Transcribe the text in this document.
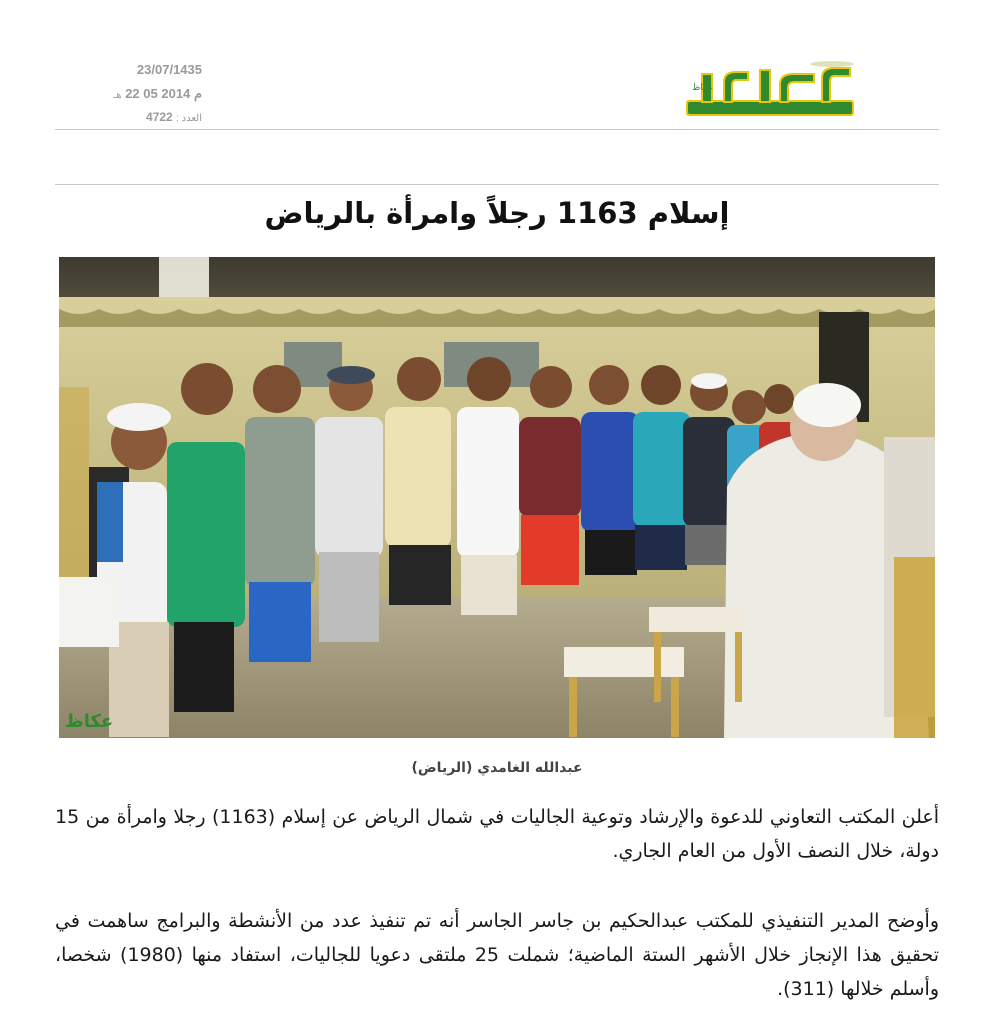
23/07/1435
م 2014 05 22 هـ
العدد : 4722
عكاظ
إسلام 1163 رجلاً وامرأة بالرياض
عكاظ
عبدالله الغامدي (الرياض)
أعلن المكتب التعاوني للدعوة والإرشاد وتوعية الجاليات في شمال الرياض عن إسلام (1163) رجلا وامرأة من 15 دولة، خلال النصف الأول من العام الجاري.
وأوضح المدير التنفيذي للمكتب عبدالحكيم بن جاسر الجاسر أنه تم تنفيذ عدد من الأنشطة والبرامج ساهمت في تحقيق هذا الإنجاز خلال الأشهر الستة الماضية؛ شملت 25 ملتقى دعويا للجاليات، استفاد منها (1980) شخصا، وأسلم خلالها (311).
